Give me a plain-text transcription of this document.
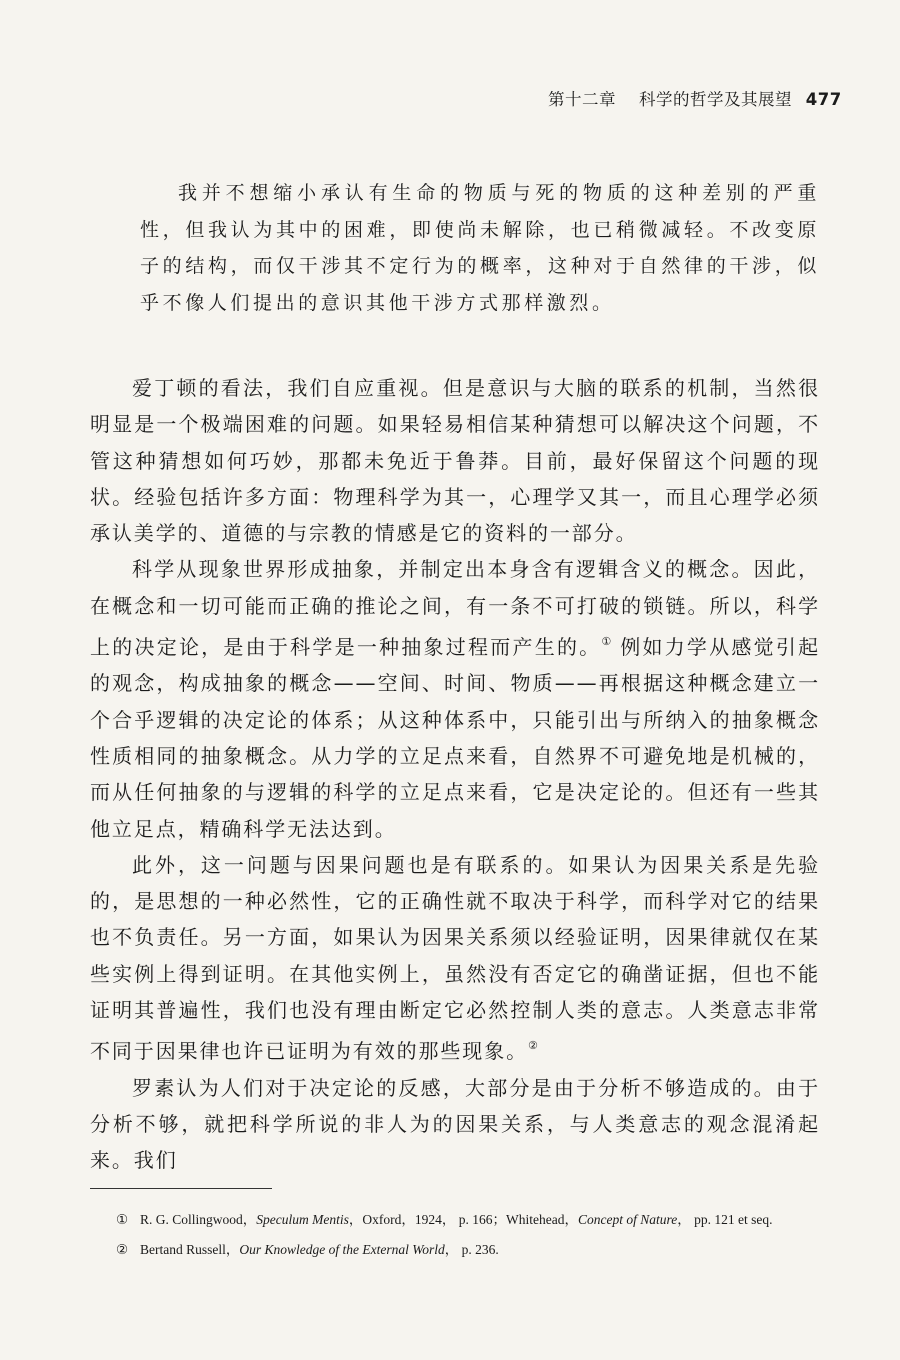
第十二章 科学的哲学及其展望 477

我并不想缩小承认有生命的物质与死的物质的这种差别的严重性，但我认为其中的困难，即使尚未解除，也已稍微减轻。不改变原子的结构，而仅干涉其不定行为的概率，这种对于自然律的干涉，似乎不像人们提出的意识其他干涉方式那样激烈。

爱丁顿的看法，我们自应重视。但是意识与大脑的联系的机制，当然很明显是一个极端困难的问题。如果轻易相信某种猜想可以解决这个问题，不管这种猜想如何巧妙，那都未免近于鲁莽。目前，最好保留这个问题的现状。经验包括许多方面：物理科学为其一，心理学又其一，而且心理学必须承认美学的、道德的与宗教的情感是它的资料的一部分。

科学从现象世界形成抽象，并制定出本身含有逻辑含义的概念。因此，在概念和一切可能而正确的推论之间，有一条不可打破的锁链。所以，科学上的决定论，是由于科学是一种抽象过程而产生的。① 例如力学从感觉引起的观念，构成抽象的概念——空间、时间、物质——再根据这种概念建立一个合乎逻辑的决定论的体系；从这种体系中，只能引出与所纳入的抽象概念性质相同的抽象概念。从力学的立足点来看，自然界不可避免地是机械的，而从任何抽象的与逻辑的科学的立足点来看，它是决定论的。但还有一些其他立足点，精确科学无法达到。

此外，这一问题与因果问题也是有联系的。如果认为因果关系是先验的，是思想的一种必然性，它的正确性就不取决于科学，而科学对它的结果也不负责任。另一方面，如果认为因果关系须以经验证明，因果律就仅在某些实例上得到证明。在其他实例上，虽然没有否定它的确凿证据，但也不能证明其普遍性，我们也没有理由断定它必然控制人类的意志。人类意志非常不同于因果律也许已证明为有效的那些现象。②

罗素认为人们对于决定论的反感，大部分是由于分析不够造成的。由于分析不够，就把科学所说的非人为的因果关系，与人类意志的观念混淆起来。我们

① R. G. Collingwood，Speculum Mentis，Oxford，1924， p. 166；Whitehead，Concept of Nature， pp. 121 et seq.

② Bertand Russell，Our Knowledge of the External World， p. 236.
